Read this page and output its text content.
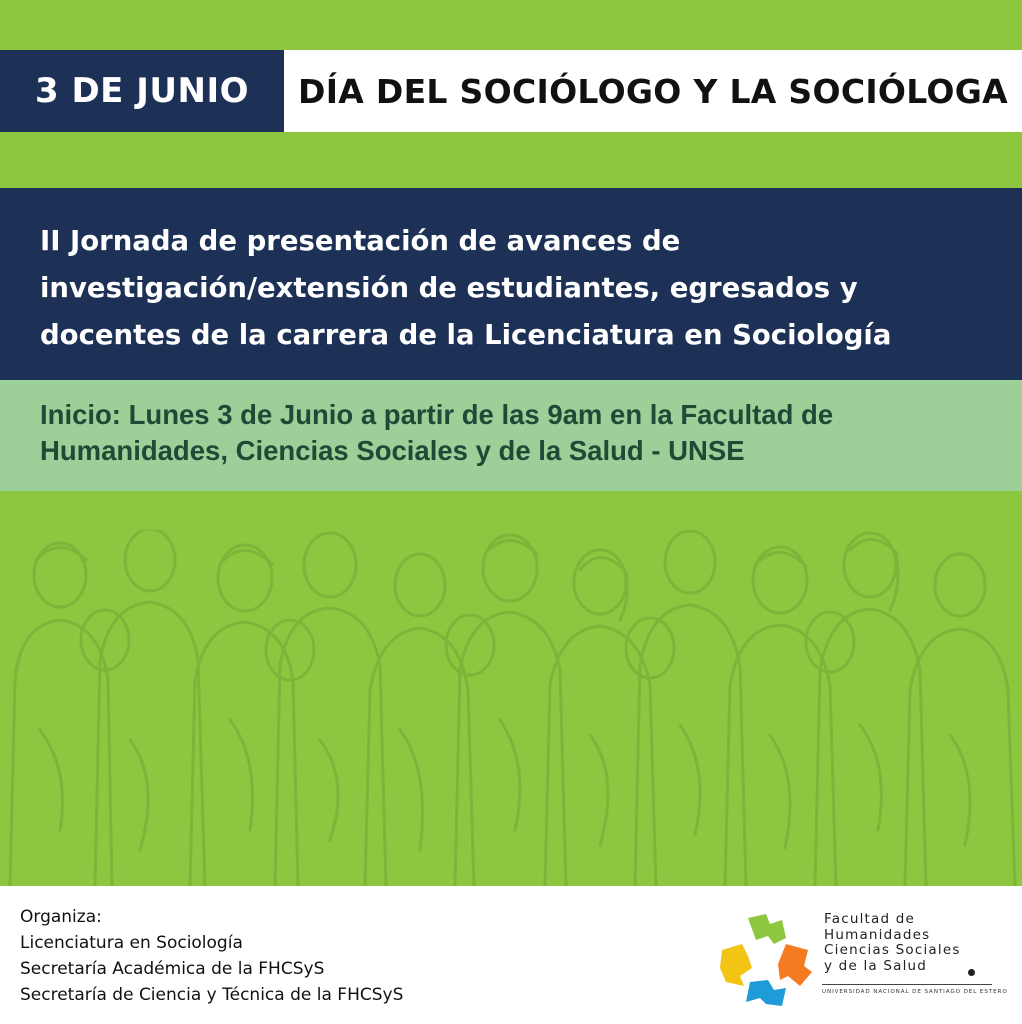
3 DE JUNIO	DÍA DEL SOCIÓLOGO Y LA SOCIÓLOGA
II Jornada de presentación de avances de
investigación/extensión de estudiantes, egresados y
docentes de la carrera de la Licenciatura en Sociología
Inicio: Lunes 3 de Junio a partir de las 9am en la Facultad de
Humanidades, Ciencias Sociales y de la Salud - UNSE
Organiza:
Licenciatura en Sociología
Secretaría Académica de la FHCSyS
Secretaría de Ciencia y Técnica de la FHCSyS
Facultad de
Humanidades
Ciencias Sociales
y de la Salud
UNIVERSIDAD NACIONAL DE SANTIAGO DEL ESTERO
